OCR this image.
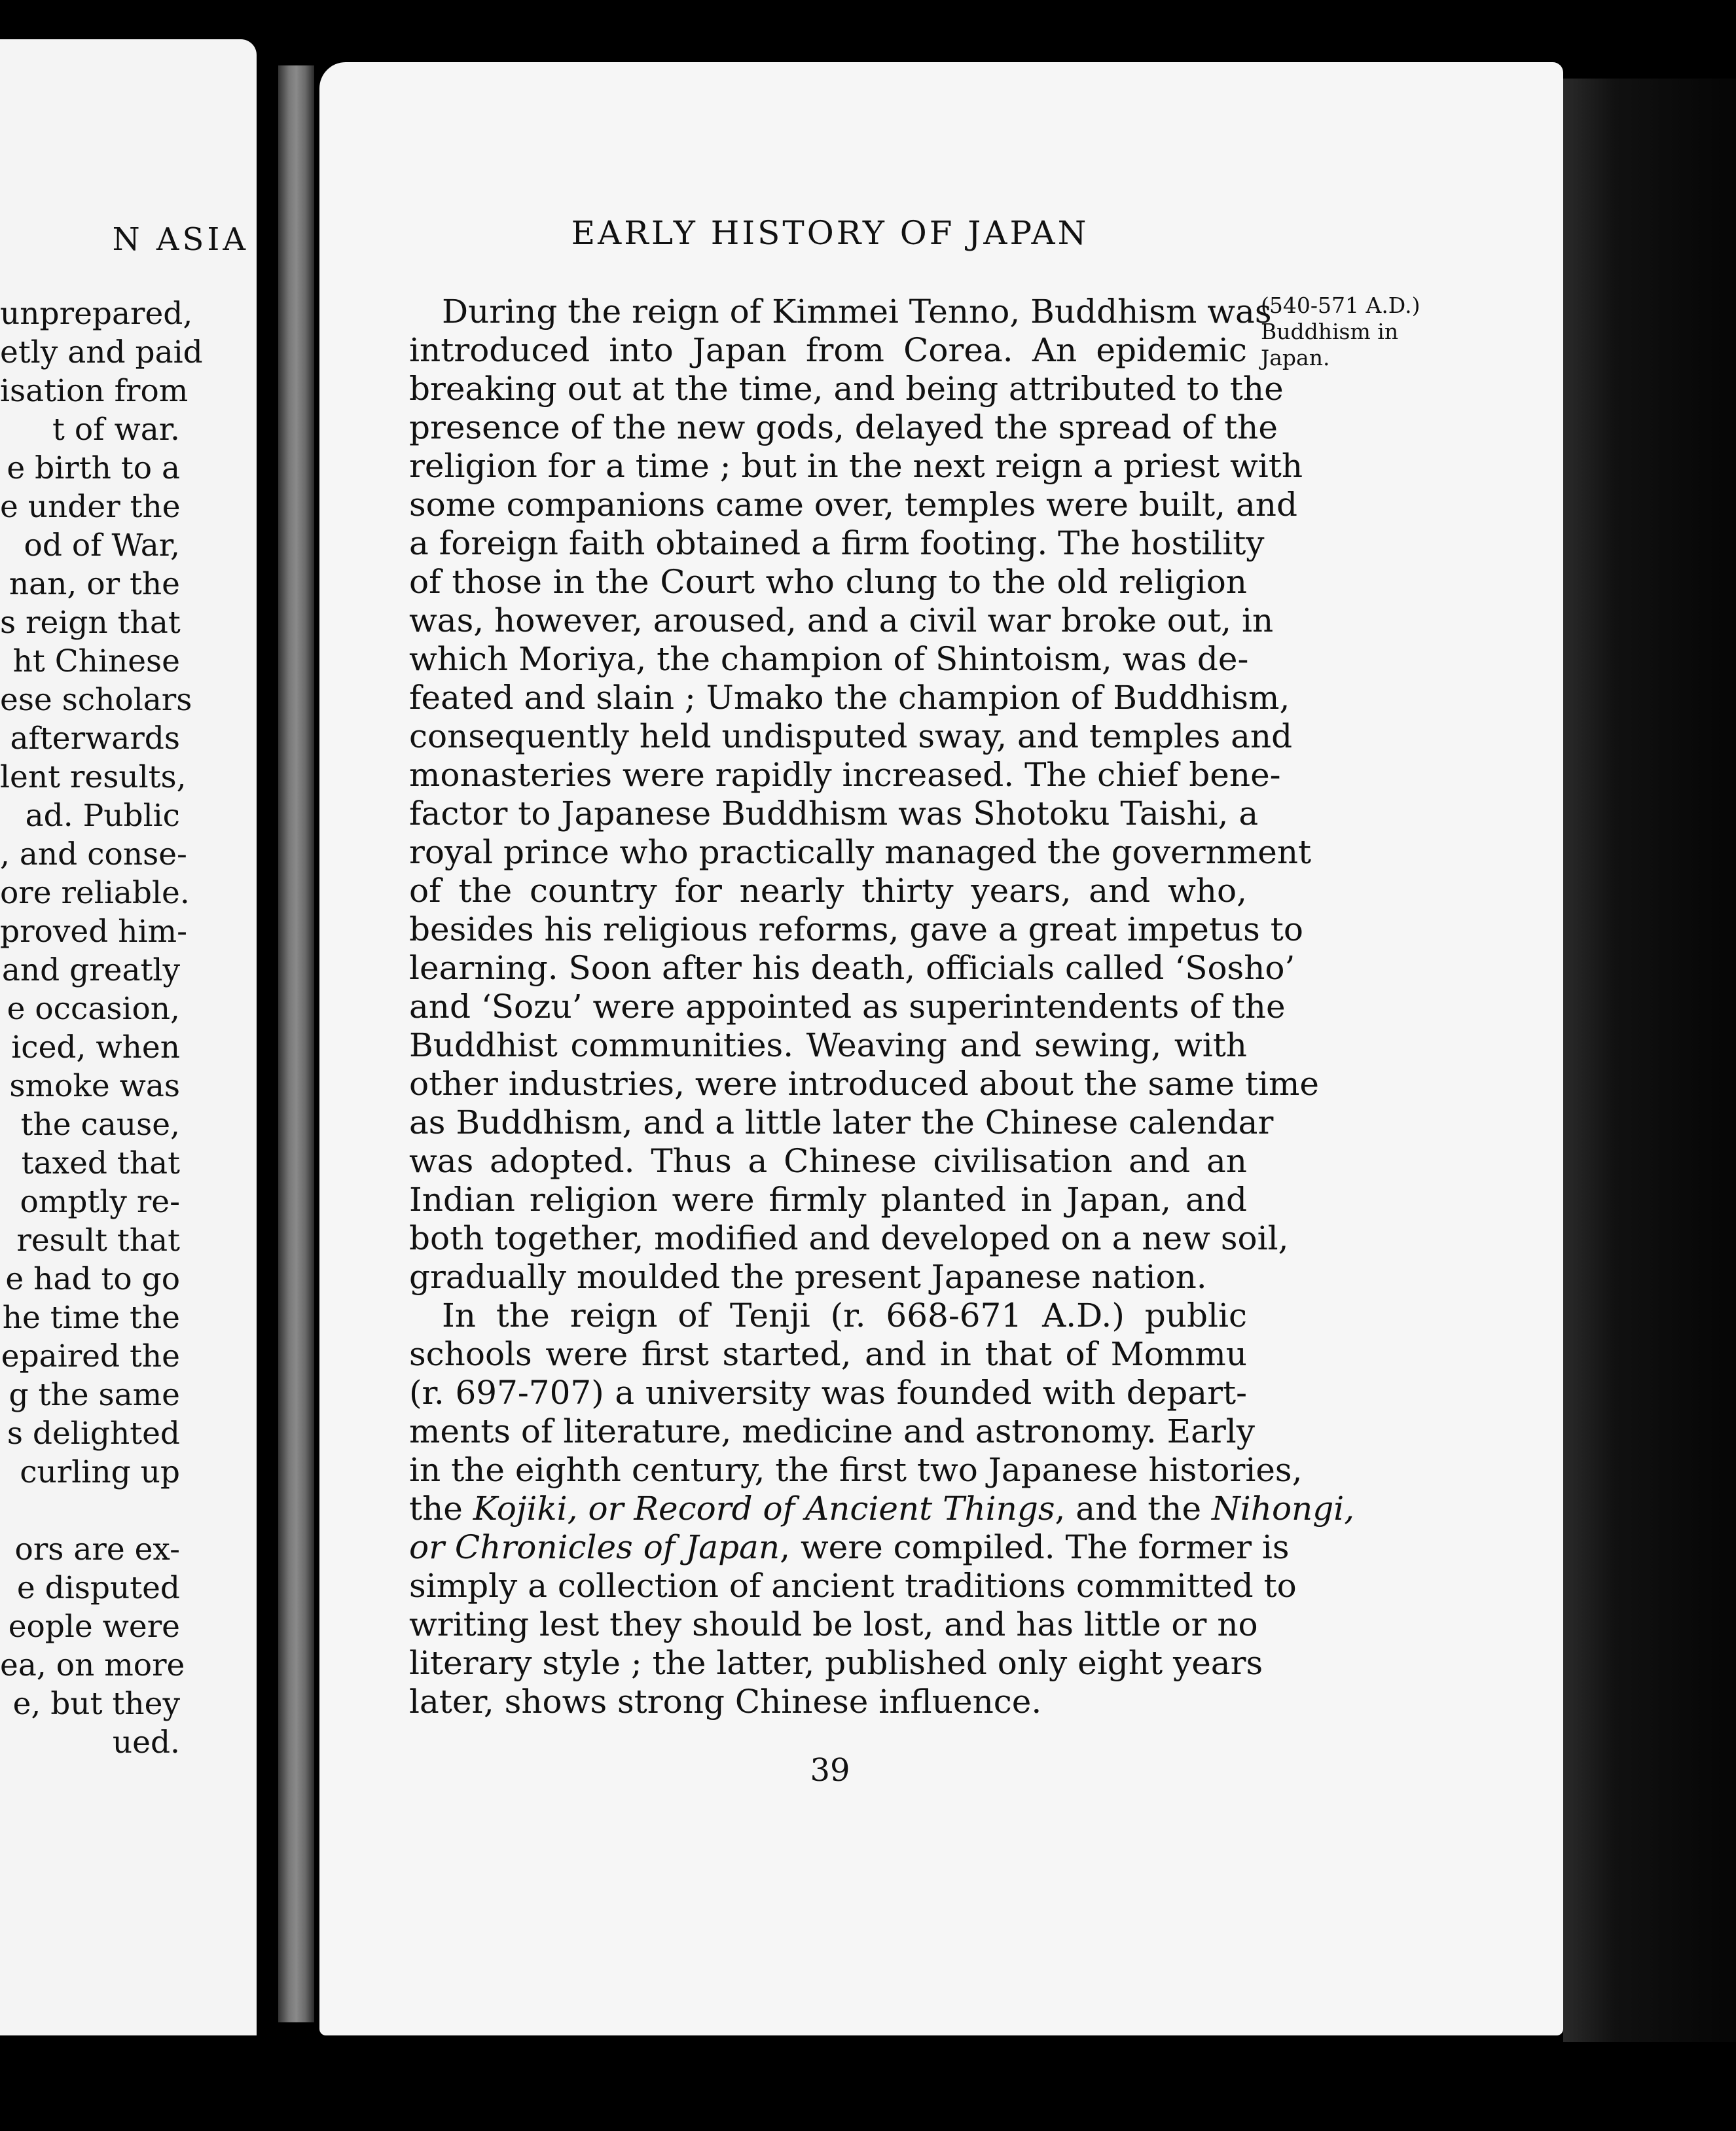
N ASIA
unprepared,
etly and paid
isation from
t of war.
e birth to a
e under the
od of War,
nan, or the
s reign that
ht Chinese
ese scholars
afterwards
lent results,
ad. Public
, and conse-
ore reliable.
proved him-
and greatly
e occasion,
iced, when
smoke was
the cause,
taxed that
omptly re-
result that
e had to go
he time the
epaired the
g the same
s delighted
curling up
ors are ex-
e disputed
eople were
ea, on more
e, but they
ued.
EARLY HISTORY OF JAPAN
(540-571 A.D.)
Buddhism in
Japan.
During the reign of Kimmei Tenno, Buddhism was
introduced into Japan from Corea. An epidemic
breaking out at the time, and being attributed to the
presence of the new gods, delayed the spread of the
religion for a time ; but in the next reign a priest with
some companions came over, temples were built, and
a foreign faith obtained a firm footing. The hostility
of those in the Court who clung to the old religion
was, however, aroused, and a civil war broke out, in
which Moriya, the champion of Shintoism, was de-
feated and slain ; Umako the champion of Buddhism,
consequently held undisputed sway, and temples and
monasteries were rapidly increased. The chief bene-
factor to Japanese Buddhism was Shotoku Taishi, a
royal prince who practically managed the government
of the country for nearly thirty years, and who,
besides his religious reforms, gave a great impetus to
learning. Soon after his death, officials called ‘Sosho’
and ‘Sozu’ were appointed as superintendents of the
Buddhist communities. Weaving and sewing, with
other industries, were introduced about the same time
as Buddhism, and a little later the Chinese calendar
was adopted. Thus a Chinese civilisation and an
Indian religion were firmly planted in Japan, and
both together, modified and developed on a new soil,
gradually moulded the present Japanese nation.
In the reign of Tenji (r. 668-671 A.D.) public
schools were first started, and in that of Mommu
(r. 697-707) a university was founded with depart-
ments of literature, medicine and astronomy. Early
in the eighth century, the first two Japanese histories,
the Kojiki, or Record of Ancient Things, and the Nihongi,
or Chronicles of Japan, were compiled. The former is
simply a collection of ancient traditions committed to
writing lest they should be lost, and has little or no
literary style ; the latter, published only eight years
later, shows strong Chinese influence.
39
